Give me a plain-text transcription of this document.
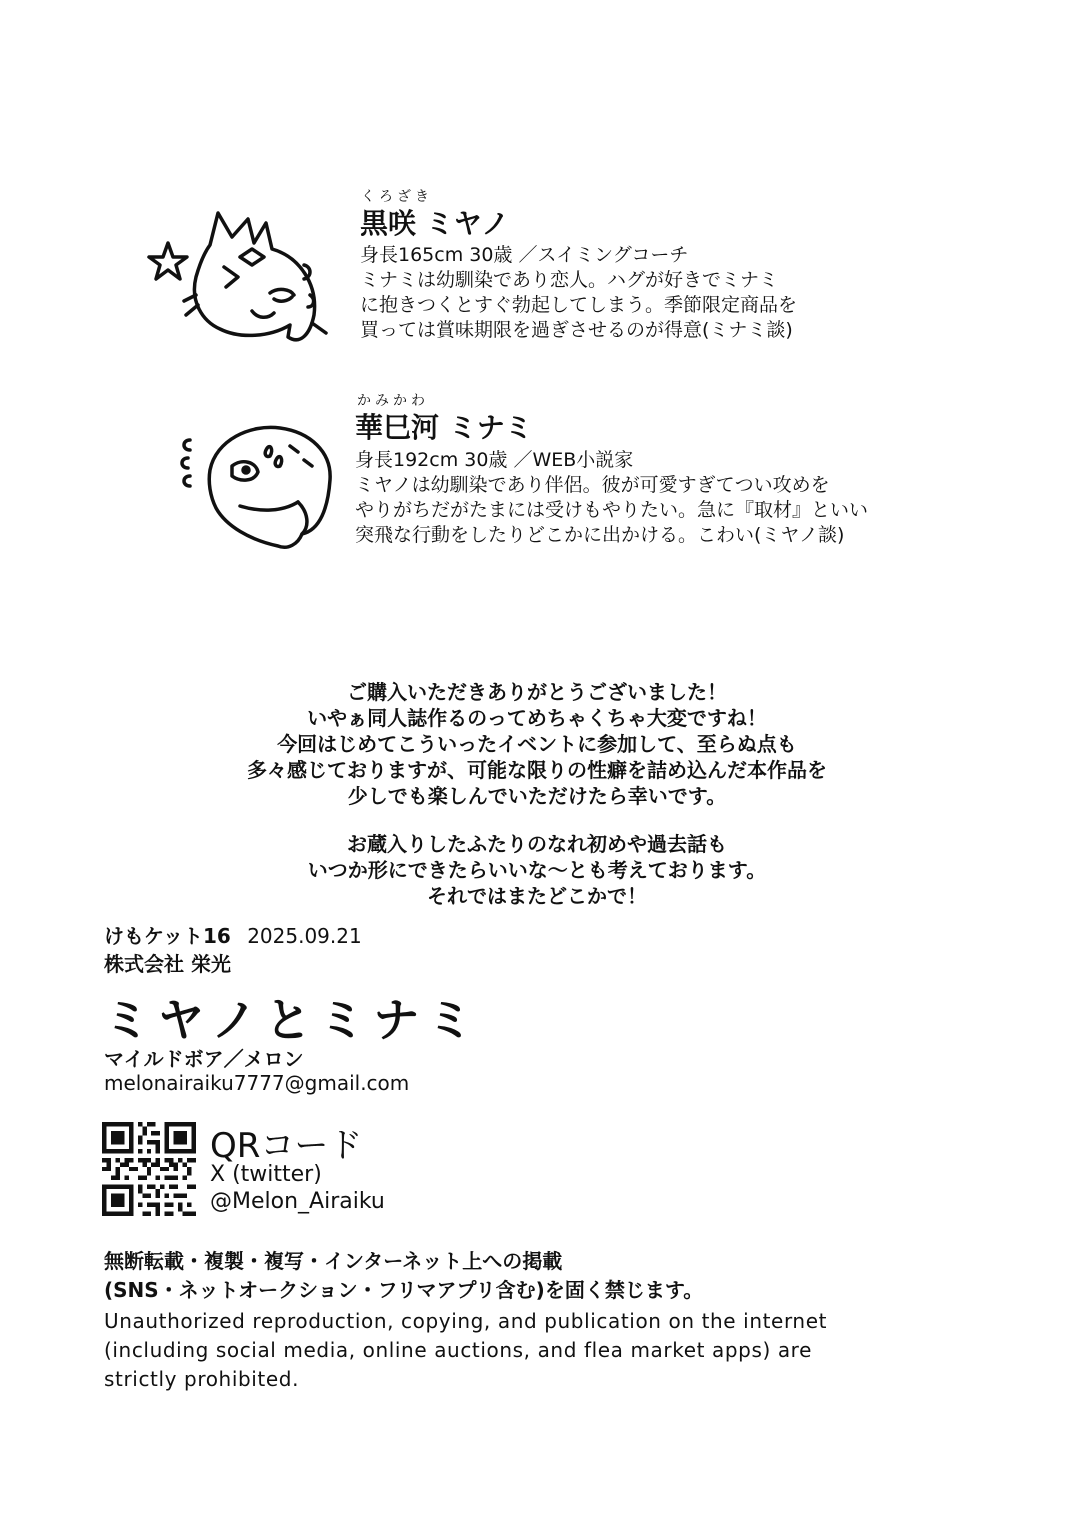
くろざき
黒咲 ミヤノ
身長165cm 30歳 ／スイミングコーチ
ミナミは幼馴染であり恋人。ハグが好きでミナミ
に抱きつくとすぐ勃起してしまう。季節限定商品を
買っては賞味期限を過ぎさせるのが得意(ミナミ談)
かみかわ
華巳河 ミナミ
身長192cm 30歳 ／WEB小説家
ミヤノは幼馴染であり伴侶。彼が可愛すぎてつい攻めを
やりがちだがたまには受けもやりたい。急に『取材』といい
突飛な行動をしたりどこかに出かける。こわい(ミヤノ談)
ご購入いただきありがとうございました！
いやぁ同人誌作るのってめちゃくちゃ大変ですね！
今回はじめてこういったイベントに参加して、至らぬ点も
多々感じておりますが、可能な限りの性癖を詰め込んだ本作品を
少しでも楽しんでいただけたら幸いです。
お蔵入りしたふたりのなれ初めや過去話も
いつか形にできたらいいな～とも考えております。
それではまたどこかで！
けもケット16 2025.09.21
株式会社 栄光
ミヤノとミナミ
マイルドボア／メロン
melonairaiku7777@gmail.com
QRコード
X (twitter)
@Melon_Airaiku
無断転載・複製・複写・インターネット上への掲載
(SNS・ネットオークション・フリマアプリ含む)を固く禁じます。
Unauthorized reproduction, copying, and publication on the internet
(including social media, online auctions, and flea market apps) are
strictly prohibited.
